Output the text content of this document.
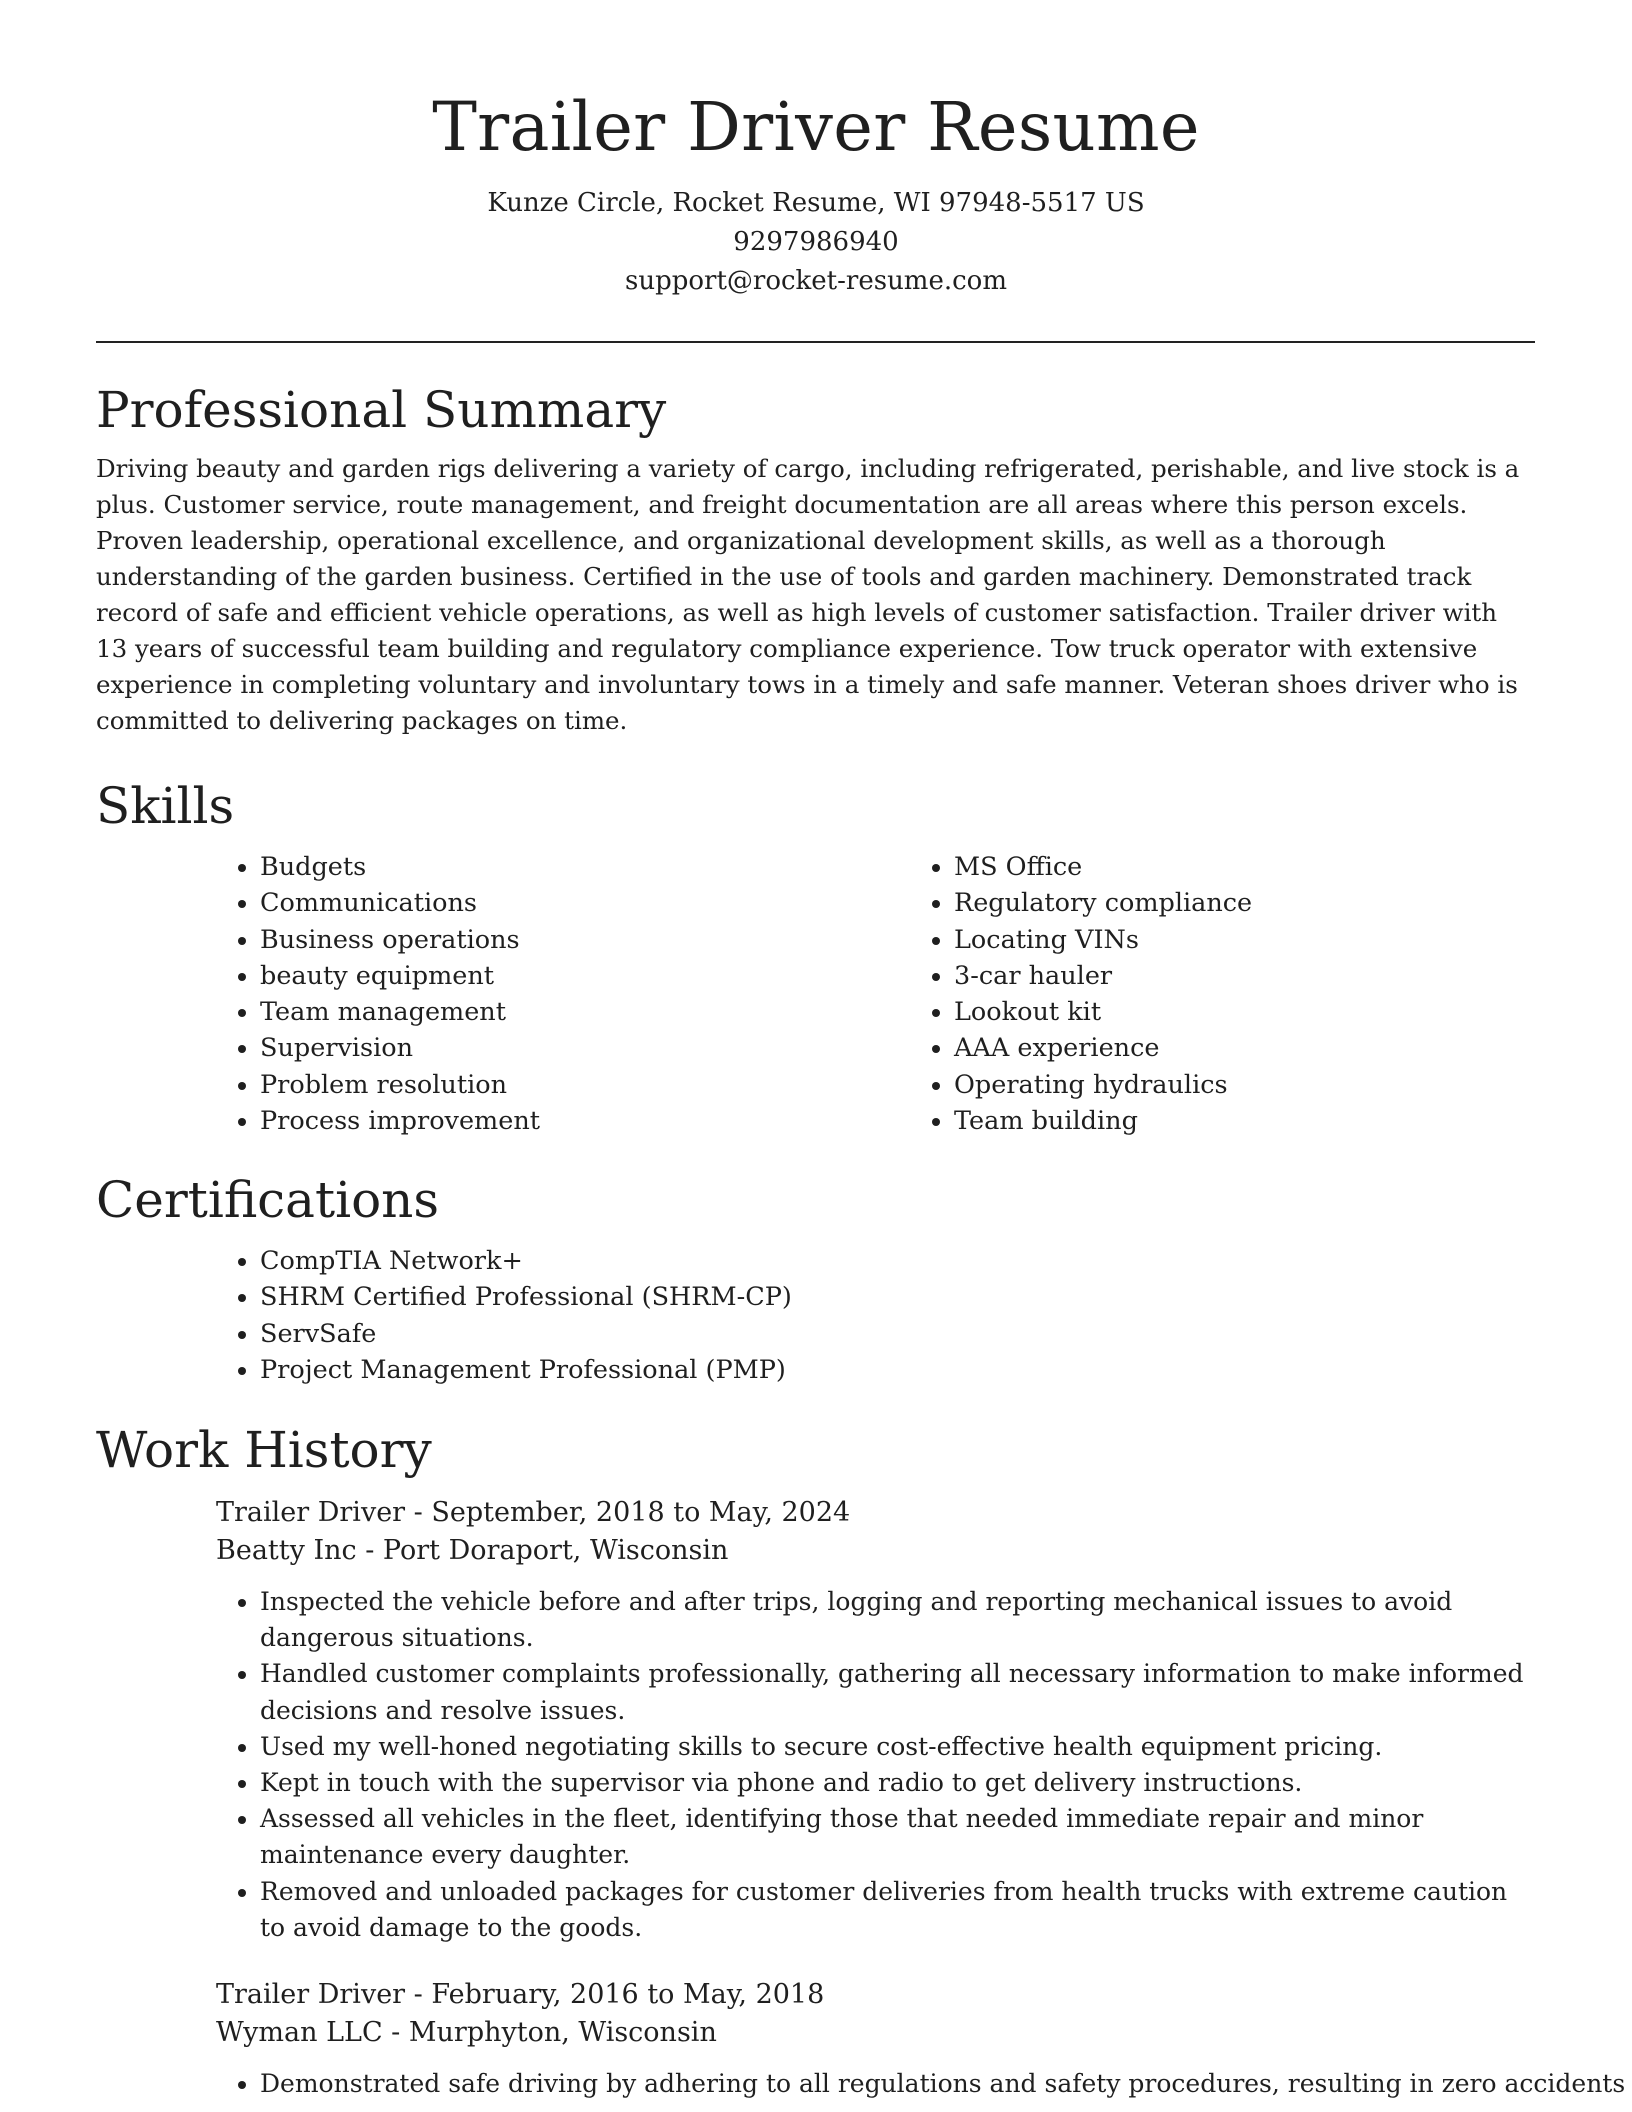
Trailer Driver Resume
Kunze Circle, Rocket Resume, WI 97948-5517 US
9297986940
support@rocket-resume.com
Professional Summary

Driving beauty and garden rigs delivering a variety of cargo, including refrigerated, perishable, and live stock is a plus. Customer service, route management, and freight documentation are all areas where this person excels. Proven leadership, operational excellence, and organizational development skills, as well as a thorough understanding of the garden business. Certified in the use of tools and garden machinery. Demonstrated track record of safe and efficient vehicle operations, as well as high levels of customer satisfaction. Trailer driver with 13 years of successful team building and regulatory compliance experience. Tow truck operator with extensive experience in completing voluntary and involuntary tows in a timely and safe manner. Veteran shoes driver who is committed to delivering packages on time.

Skills
• Budgets
• Communications
• Business operations
• beauty equipment
• Team management
• Supervision
• Problem resolution
• Process improvement
• MS Office
• Regulatory compliance
• Locating VINs
• 3-car hauler
• Lookout kit
• AAA experience
• Operating hydraulics
• Team building
Certifications
• CompTIA Network+
• SHRM Certified Professional (SHRM-CP)
• ServSafe
• Project Management Professional (PMP)
Work History
Trailer Driver - September, 2018 to May, 2024
Beatty Inc - Port Doraport, Wisconsin
• Inspected the vehicle before and after trips, logging and reporting mechanical issues to avoid dangerous situations.
• Handled customer complaints professionally, gathering all necessary information to make informed decisions and resolve issues.
• Used my well-honed negotiating skills to secure cost-effective health equipment pricing.
• Kept in touch with the supervisor via phone and radio to get delivery instructions.
• Assessed all vehicles in the fleet, identifying those that needed immediate repair and minor maintenance every daughter.
• Removed and unloaded packages for customer deliveries from health trucks with extreme caution to avoid damage to the goods.
Trailer Driver - February, 2016 to May, 2018
Wyman LLC - Murphyton, Wisconsin
• Demonstrated safe driving by adhering to all regulations and safety procedures, resulting in zero accidents
